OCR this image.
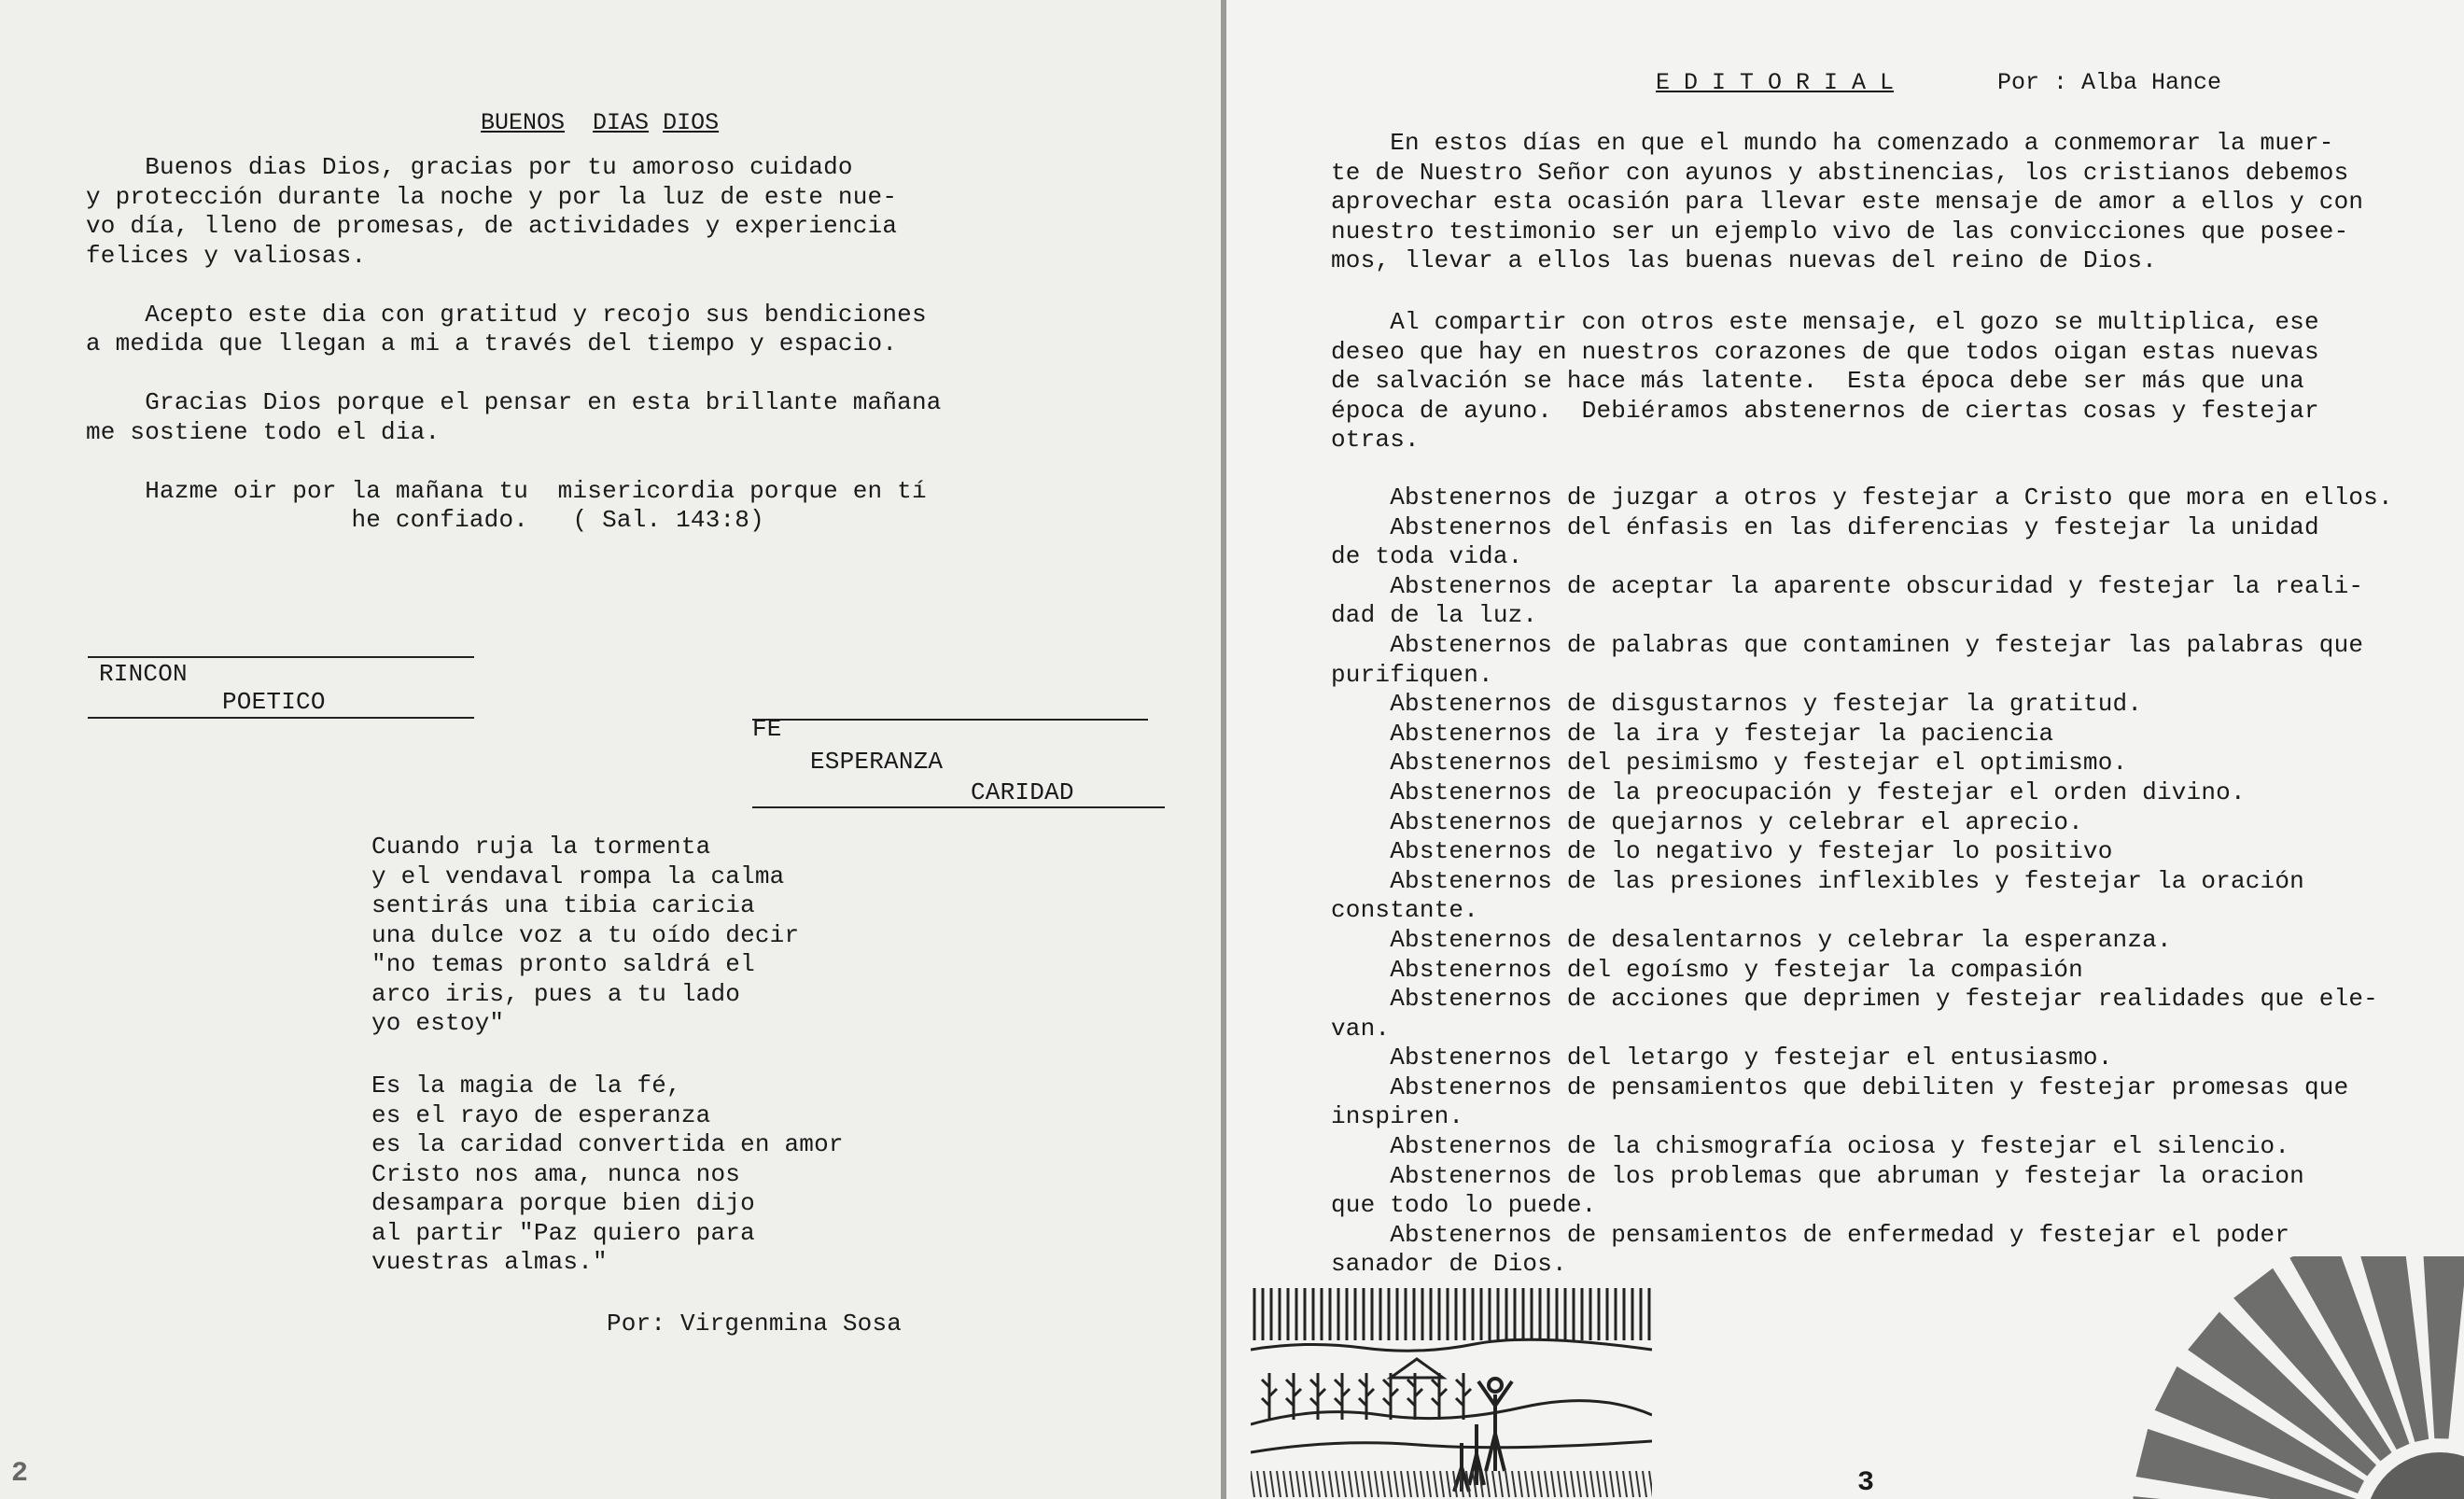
BUENOS DIAS DIOS

Buenos dias Dios, gracias por tu amoroso cuidado
y protección durante la noche y por la luz de este nue-
vo día, lleno de promesas, de actividades y experiencia
felices y valiosas.

Acepto este dia con gratitud y recojo sus bendiciones
a medida que llegan a mi a través del tiempo y espacio.

Gracias Dios porque el pensar en esta brillante mañana
me sostiene todo el dia.

Hazme oir por la mañana tu  misericordia porque en tí
he confiado.   ( Sal. 143:8)
RINCON
POETICO
FE
ESPERANZA
CARIDAD
Cuando ruja la tormenta
y el vendaval rompa la calma
sentirás una tibia caricia
una dulce voz a tu oído decir
"no temas pronto saldrá el
arco iris, pues a tu lado
yo estoy"
Es la magia de la fé,
es el rayo de esperanza
es la caridad convertida en amor
Cristo nos ama, nunca nos
desampara porque bien dijo
al partir "Paz quiero para
vuestras almas."
Por: Virgenmina Sosa
2
E D I T O R I A L	Por : Alba Hance
En estos días en que el mundo ha comenzado a conmemorar la muer-
te de Nuestro Señor con ayunos y abstinencias, los cristianos debemos
aprovechar esta ocasión para llevar este mensaje de amor a ellos y con
nuestro testimonio ser un ejemplo vivo de las convicciones que posee-
mos, llevar a ellos las buenas nuevas del reino de Dios.
Al compartir con otros este mensaje, el gozo se multiplica, ese
deseo que hay en nuestros corazones de que todos oigan estas nuevas
de salvación se hace más latente.  Esta época debe ser más que una
época de ayuno.  Debiéramos abstenernos de ciertas cosas y festejar
otras.
Abstenernos de juzgar a otros y festejar a Cristo que mora en ellos.
Abstenernos del énfasis en las diferencias y festejar la unidad
de toda vida.
Abstenernos de aceptar la aparente obscuridad y festejar la reali-
dad de la luz.
Abstenernos de palabras que contaminen y festejar las palabras que
purifiquen.
Abstenernos de disgustarnos y festejar la gratitud.
Abstenernos de la ira y festejar la paciencia
Abstenernos del pesimismo y festejar el optimismo.
Abstenernos de la preocupación y festejar el orden divino.
Abstenernos de quejarnos y celebrar el aprecio.
Abstenernos de lo negativo y festejar lo positivo
Abstenernos de las presiones inflexibles y festejar la oración
constante.
Abstenernos de desalentarnos y celebrar la esperanza.
Abstenernos del egoísmo y festejar la compasión
Abstenernos de acciones que deprimen y festejar realidades que ele-
van.
Abstenernos del letargo y festejar el entusiasmo.
Abstenernos de pensamientos que debiliten y festejar promesas que
inspiren.
Abstenernos de la chismografía ociosa y festejar el silencio.
Abstenernos de los problemas que abruman y festejar la oracion
que todo lo puede.
Abstenernos de pensamientos de enfermedad y festejar el poder
sanador de Dios.
3
